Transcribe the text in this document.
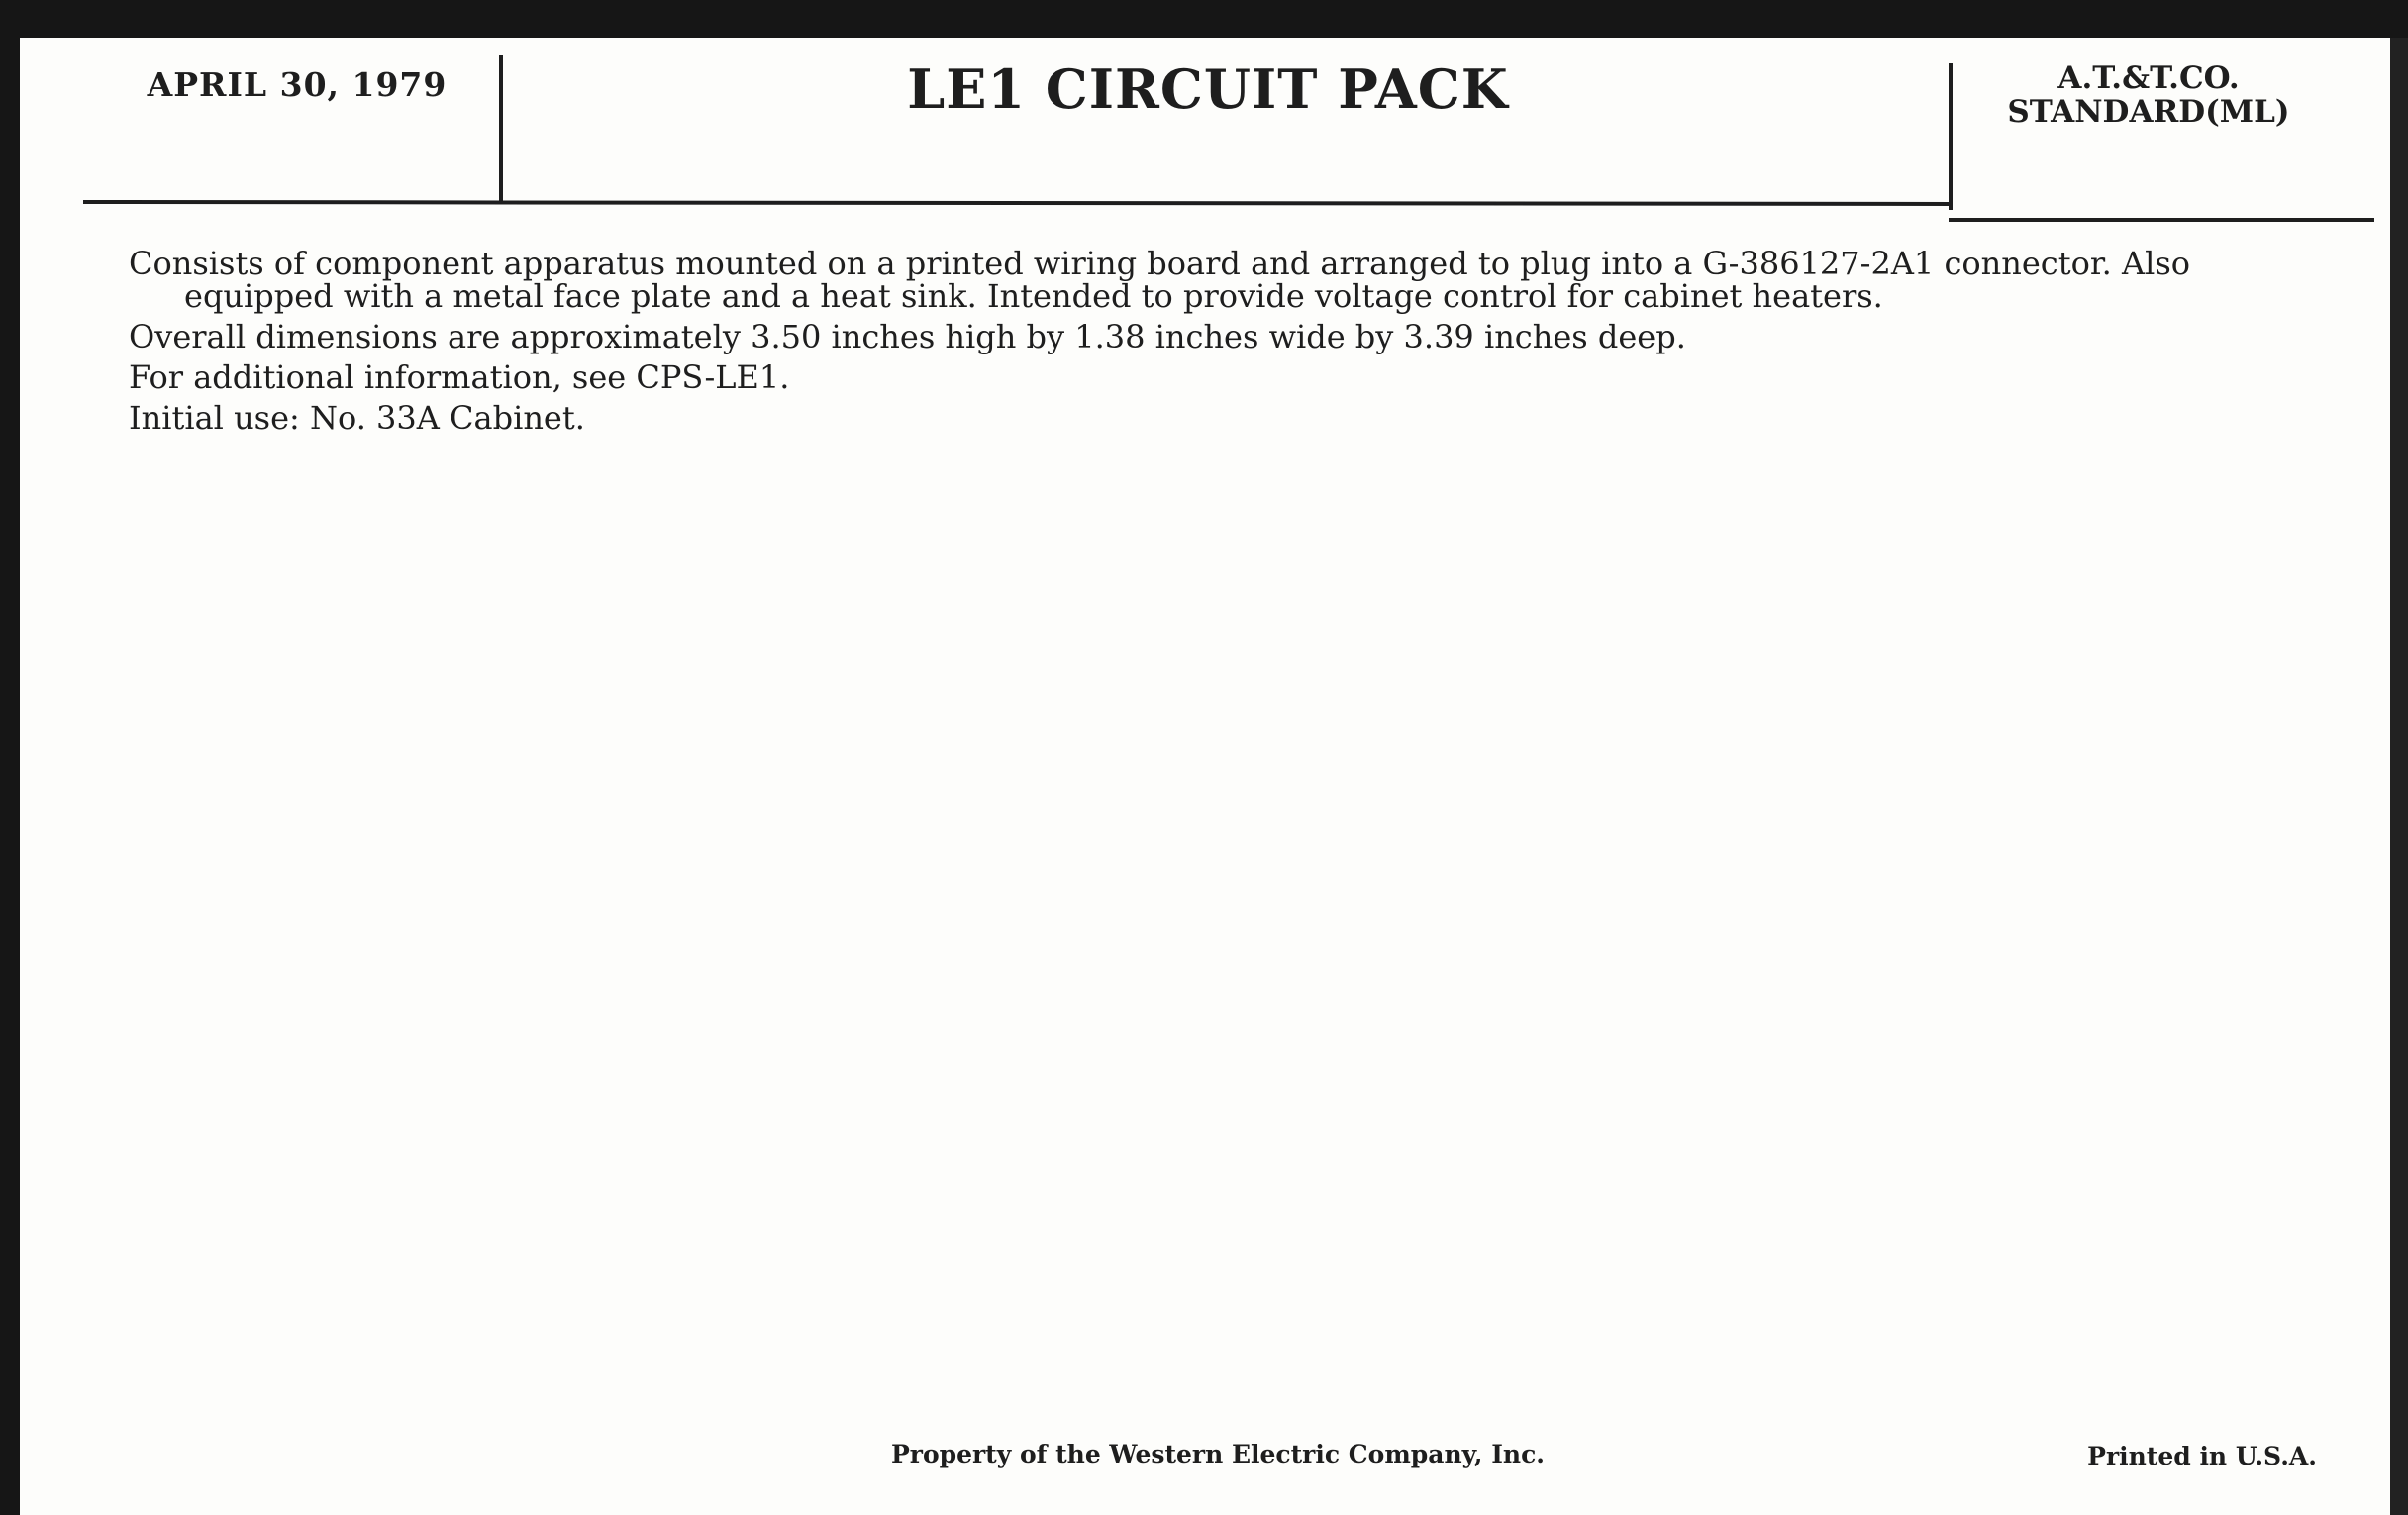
APRIL 30, 1979	LE1 CIRCUIT PACK	A.T.&T.CO.
STANDARD(ML)

Consists of component apparatus mounted on a printed wiring board and arranged to plug into a G-386127-2A1 connector. Also equipped with a metal face plate and a heat sink. Intended to provide voltage control for cabinet heaters.

Overall dimensions are approximately 3.50 inches high by 1.38 inches wide by 3.39 inches deep.

For additional information, see CPS-LE1.

Initial use: No. 33A Cabinet.

Property of the Western Electric Company, Inc.	Printed in U.S.A.
